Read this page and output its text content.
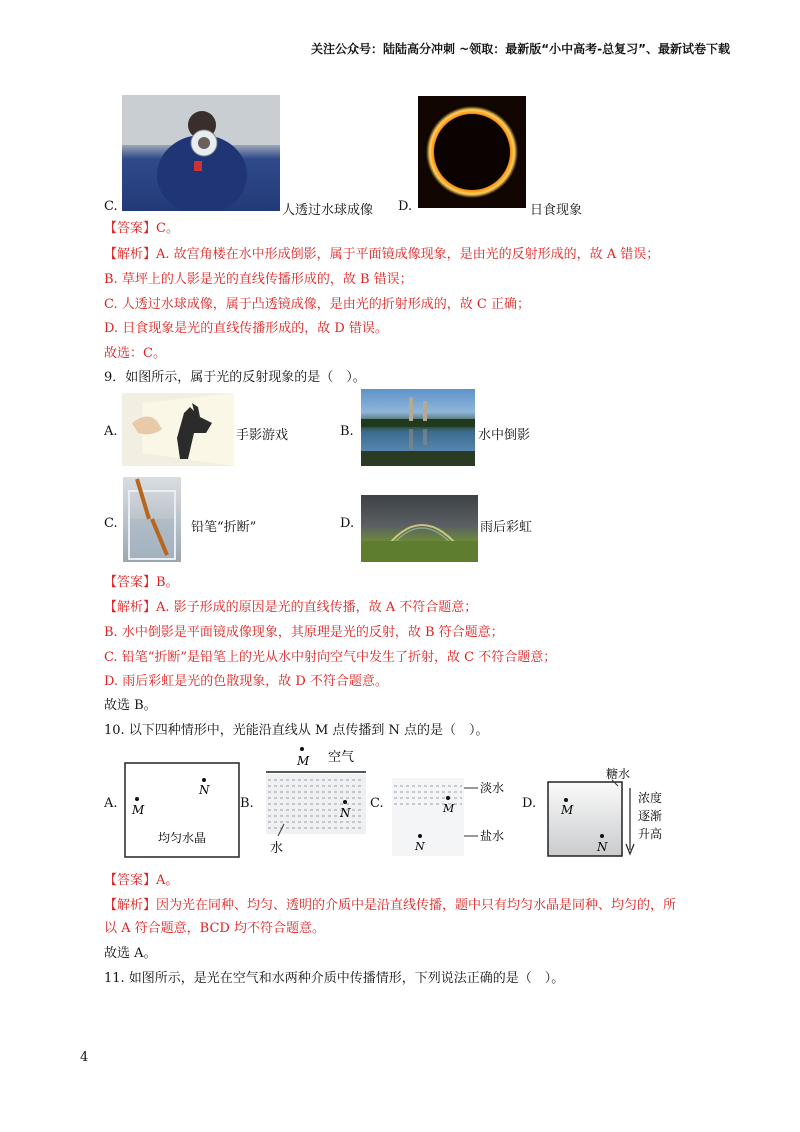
关注公众号：陆陆高分冲刺 ~领取：最新版“小中高考-总复习”、最新试卷下载
C.	人透过水球成像 D.	日食现象
【答案】C。
【解析】A. 故宫角楼在水中形成倒影，属于平面镜成像现象，是由光的反射形成的，故 A 错误；
B. 草坪上的人影是光的直线传播形成的，故 B 错误；
C. 人透过水球成像，属于凸透镜成像，是由光的折射形成的，故 C 正确；
D. 日食现象是光的直线传播形成的，故 D 错误。
故选：C。
9．如图所示，属于光的反射现象的是（　）。
A.	手影游戏	B.	水中倒影
C.	铅笔“折断”	D.	雨后彩虹
【答案】B。
【解析】A. 影子形成的原因是光的直线传播，故 A 不符合题意；
B. 水中倒影是平面镜成像现象，其原理是光的反射，故 B 符合题意；
C. 铅笔“折断”是铅笔上的光从水中射向空气中发生了折射，故 C 不符合题意；
D. 雨后彩虹是光的色散现象，故 D 不符合题意。
故选 B。
10. 以下四种情形中，光能沿直线从 M 点传播到 N 点的是（　）。
A. M
N
均匀水晶
B.
M 空气
N
水
C.	M
淡水
N
盐水
D. M
N
糖水
浓度
逐渐
升高
【答案】A。
【解析】因为光在同种、均匀、透明的介质中是沿直线传播，题中只有均匀水晶是同种、均匀的，所
以 A 符合题意，BCD 均不符合题意。
故选 A。
11. 如图所示，是光在空气和水两种介质中传播情形，下列说法正确的是（　）。
4
